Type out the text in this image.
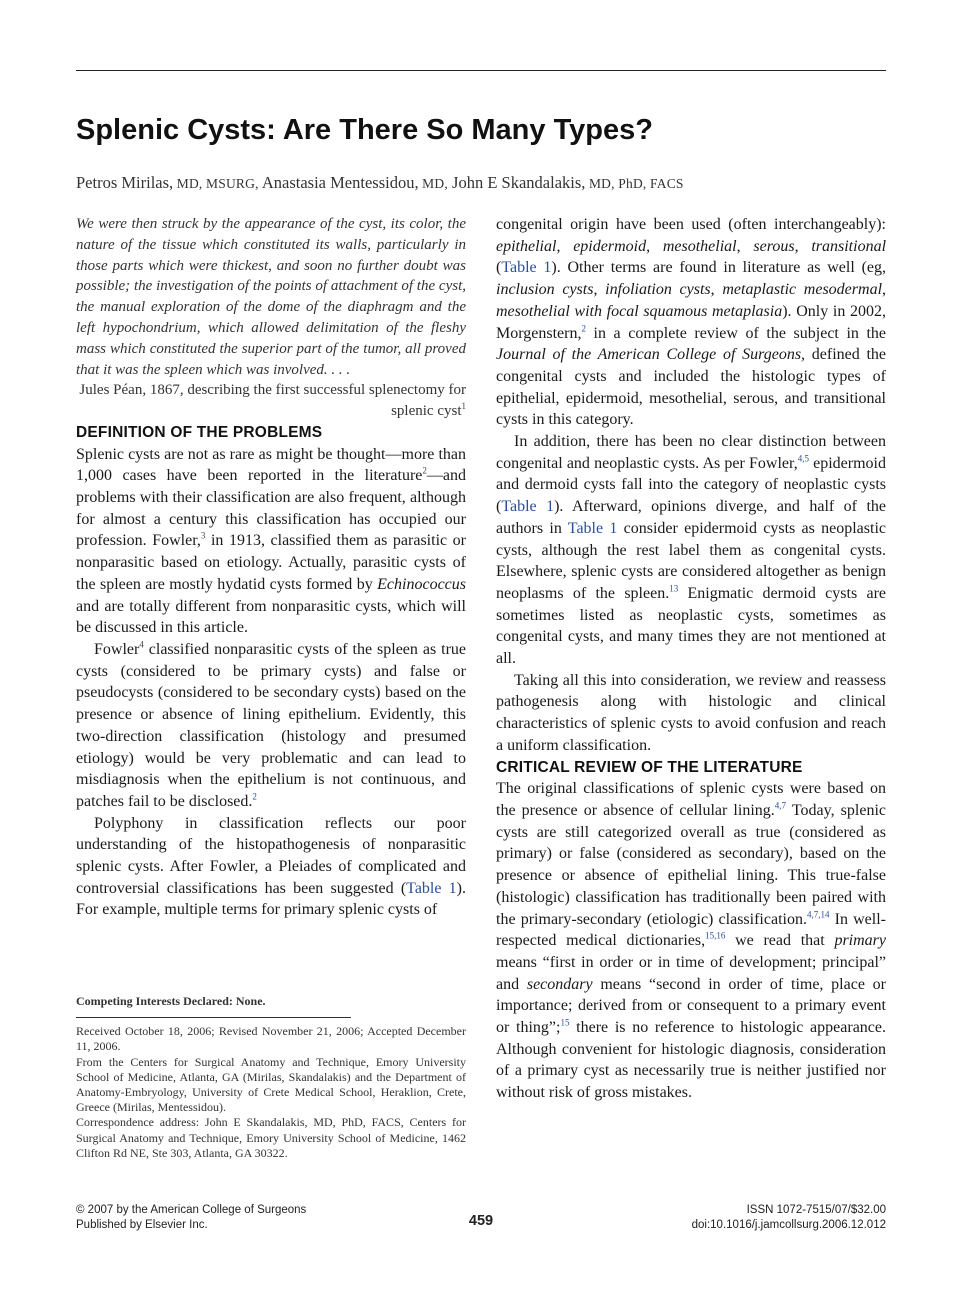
Splenic Cysts: Are There So Many Types?
Petros Mirilas, MD, MSURG, Anastasia Mentessidou, MD, John E Skandalakis, MD, PhD, FACS

We were then struck by the appearance of the cyst, its color, the nature of the tissue which constituted its walls, particularly in those parts which were thickest, and soon no further doubt was possible; the investigation of the points of attachment of the cyst, the manual exploration of the dome of the diaphragm and the left hypochondrium, which allowed delimitation of the fleshy mass which constituted the superior part of the tumor, all proved that it was the spleen which was involved. . . .

Jules Péan, 1867, describing the first successful splenectomy for splenic cyst$^1$

DEFINITION OF THE PROBLEMS

Splenic cysts are not as rare as might be thought—more than 1,000 cases have been reported in the literature$^2$—and problems with their classification are also frequent, although for almost a century this classification has occupied our profession. Fowler,$^3$ in 1913, classified them as parasitic or nonparasitic based on etiology. Actually, parasitic cysts of the spleen are mostly hydatid cysts formed by Echinococcus and are totally different from nonparasitic cysts, which will be discussed in this article.

Fowler$^4$ classified nonparasitic cysts of the spleen as true cysts (considered to be primary cysts) and false or pseudocysts (considered to be secondary cysts) based on the presence or absence of lining epithelium. Evidently, this two-direction classification (histology and presumed etiology) would be very problematic and can lead to misdiagnosis when the epithelium is not continuous, and patches fail to be disclosed.$^2$

Polyphony in classification reflects our poor understanding of the histopathogenesis of nonparasitic splenic cysts. After Fowler, a Pleiades of complicated and controversial classifications has been suggested (Table 1). For example, multiple terms for primary splenic cysts of

congenital origin have been used (often interchangeably): epithelial, epidermoid, mesothelial, serous, transitional (Table 1). Other terms are found in literature as well (eg, inclusion cysts, infoliation cysts, metaplastic mesodermal, mesothelial with focal squamous metaplasia). Only in 2002, Morgenstern,$^2$ in a complete review of the subject in the Journal of the American College of Surgeons, defined the congenital cysts and included the histologic types of epithelial, epidermoid, mesothelial, serous, and transitional cysts in this category.

In addition, there has been no clear distinction between congenital and neoplastic cysts. As per Fowler,$^{4,5}$ epidermoid and dermoid cysts fall into the category of neoplastic cysts (Table 1). Afterward, opinions diverge, and half of the authors in Table 1 consider epidermoid cysts as neoplastic cysts, although the rest label them as congenital cysts. Elsewhere, splenic cysts are considered altogether as benign neoplasms of the spleen.$^{13}$ Enigmatic dermoid cysts are sometimes listed as neoplastic cysts, sometimes as congenital cysts, and many times they are not mentioned at all.

Taking all this into consideration, we review and reassess pathogenesis along with histologic and clinical characteristics of splenic cysts to avoid confusion and reach a uniform classification.

CRITICAL REVIEW OF THE LITERATURE

The original classifications of splenic cysts were based on the presence or absence of cellular lining.$^{4,7}$ Today, splenic cysts are still categorized overall as true (considered as primary) or false (considered as secondary), based on the presence or absence of epithelial lining. This true-false (histologic) classification has traditionally been paired with the primary-secondary (etiologic) classification.$^{4,7,14}$ In well-respected medical dictionaries,$^{15,16}$ we read that primary means “first in order or in time of development; principal” and secondary means “second in order of time, place or importance; derived from or consequent to a primary event or thing”;$^{15}$ there is no reference to histologic appearance. Although convenient for histologic diagnosis, consideration of a primary cyst as necessarily true is neither justified nor without risk of gross mistakes.

Competing Interests Declared: None.

Received October 18, 2006; Revised November 21, 2006; Accepted December 11, 2006.

From the Centers for Surgical Anatomy and Technique, Emory University School of Medicine, Atlanta, GA (Mirilas, Skandalakis) and the Department of Anatomy-Embryology, University of Crete Medical School, Heraklion, Crete, Greece (Mirilas, Mentessidou).

Correspondence address: John E Skandalakis, MD, PhD, FACS, Centers for Surgical Anatomy and Technique, Emory University School of Medicine, 1462 Clifton Rd NE, Ste 303, Atlanta, GA 30322.

© 2007 by the American College of Surgeons
Published by Elsevier Inc.	459
ISSN 1072-7515/07/$32.00
doi:10.1016/j.jamcollsurg.2006.12.012
